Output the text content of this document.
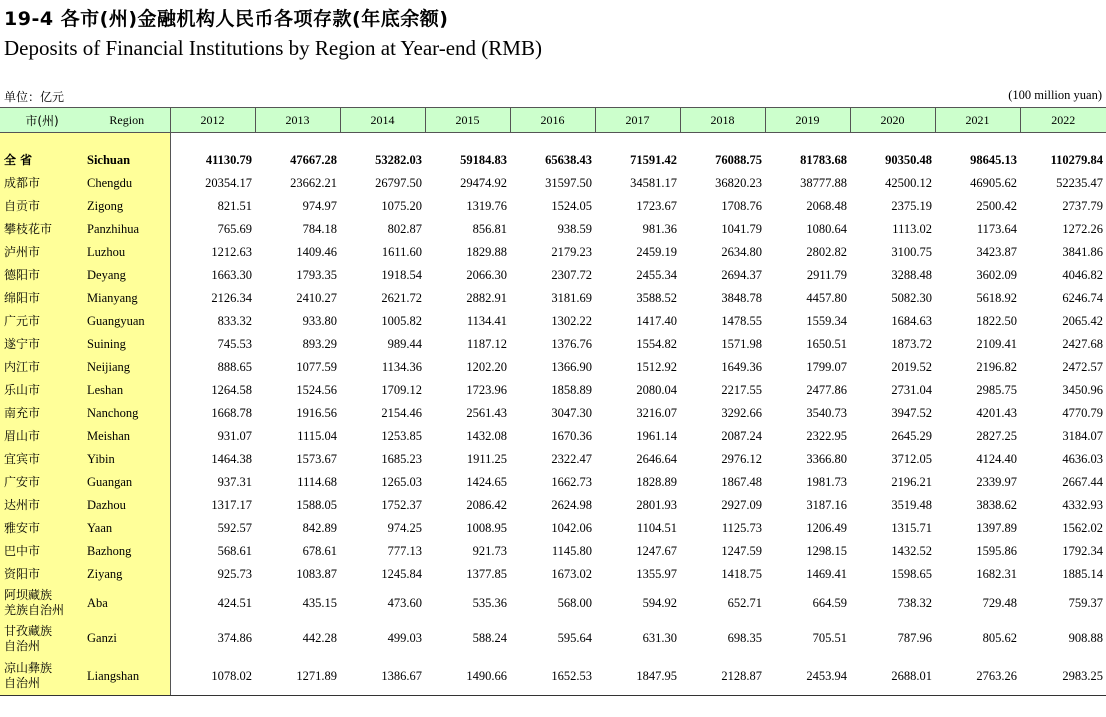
19-4 各市(州)金融机构人民币各项存款(年底余额)
Deposits of Financial Institutions by Region at Year-end (RMB)
单位：亿元	(100 million yuan)
市(州)	Region	2012	2013	2014	2015	2016	2017	2018	2019	2020	2021	2022

全 省	Sichuan	41130.79	47667.28	53282.03	59184.83	65638.43	71591.42	76088.75	81783.68	90350.48	98645.13	110279.84
成都市	Chengdu	20354.17	23662.21	26797.50	29474.92	31597.50	34581.17	36820.23	38777.88	42500.12	46905.62	52235.47
自贡市	Zigong	821.51	974.97	1075.20	1319.76	1524.05	1723.67	1708.76	2068.48	2375.19	2500.42	2737.79
攀枝花市	Panzhihua	765.69	784.18	802.87	856.81	938.59	981.36	1041.79	1080.64	1113.02	1173.64	1272.26
泸州市	Luzhou	1212.63	1409.46	1611.60	1829.88	2179.23	2459.19	2634.80	2802.82	3100.75	3423.87	3841.86
德阳市	Deyang	1663.30	1793.35	1918.54	2066.30	2307.72	2455.34	2694.37	2911.79	3288.48	3602.09	4046.82
绵阳市	Mianyang	2126.34	2410.27	2621.72	2882.91	3181.69	3588.52	3848.78	4457.80	5082.30	5618.92	6246.74
广元市	Guangyuan	833.32	933.80	1005.82	1134.41	1302.22	1417.40	1478.55	1559.34	1684.63	1822.50	2065.42
遂宁市	Suining	745.53	893.29	989.44	1187.12	1376.76	1554.82	1571.98	1650.51	1873.72	2109.41	2427.68
内江市	Neijiang	888.65	1077.59	1134.36	1202.20	1366.90	1512.92	1649.36	1799.07	2019.52	2196.82	2472.57
乐山市	Leshan	1264.58	1524.56	1709.12	1723.96	1858.89	2080.04	2217.55	2477.86	2731.04	2985.75	3450.96
南充市	Nanchong	1668.78	1916.56	2154.46	2561.43	3047.30	3216.07	3292.66	3540.73	3947.52	4201.43	4770.79
眉山市	Meishan	931.07	1115.04	1253.85	1432.08	1670.36	1961.14	2087.24	2322.95	2645.29	2827.25	3184.07
宜宾市	Yibin	1464.38	1573.67	1685.23	1911.25	2322.47	2646.64	2976.12	3366.80	3712.05	4124.40	4636.03
广安市	Guangan	937.31	1114.68	1265.03	1424.65	1662.73	1828.89	1867.48	1981.73	2196.21	2339.97	2667.44
达州市	Dazhou	1317.17	1588.05	1752.37	2086.42	2624.98	2801.93	2927.09	3187.16	3519.48	3838.62	4332.93
雅安市	Yaan	592.57	842.89	974.25	1008.95	1042.06	1104.51	1125.73	1206.49	1315.71	1397.89	1562.02
巴中市	Bazhong	568.61	678.61	777.13	921.73	1145.80	1247.67	1247.59	1298.15	1432.52	1595.86	1792.34
资阳市	Ziyang	925.73	1083.87	1245.84	1377.85	1673.02	1355.97	1418.75	1469.41	1598.65	1682.31	1885.14
阿坝藏族
羌族自治州	Aba	424.51	435.15	473.60	535.36	568.00	594.92	652.71	664.59	738.32	729.48	759.37
甘孜藏族
自治州	Ganzi	374.86	442.28	499.03	588.24	595.64	631.30	698.35	705.51	787.96	805.62	908.88
凉山彝族
自治州	Liangshan	1078.02	1271.89	1386.67	1490.66	1652.53	1847.95	2128.87	2453.94	2688.01	2763.26	2983.25
